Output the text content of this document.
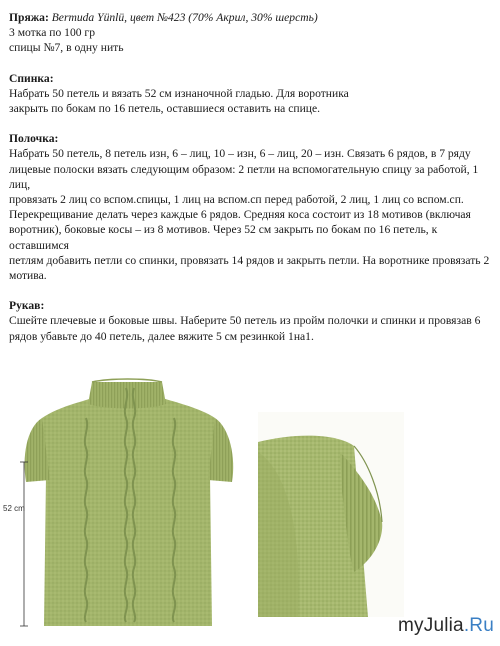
Пряжа: Bermuda Yünlü, цвет №423 (70% Акрил, 30% шерсть)

3 мотка по 100 гр

спицы №7, в одну нить

Спинка:

Набрать 50 петель и вязать 52 см изнаночной гладью. Для воротника

закрыть по бокам по 16 петель, оставшиеся оставить на спице.

Полочка:

Набрать 50 петель, 8 петель изн, 6 – лиц, 10 – изн, 6 – лиц, 20 – изн. Связать 6 рядов, в 7 ряду

лицевые полоски вязать следующим образом: 2 петли на вспомогательную спицу за работой, 1 лиц,

провязать 2 лиц со вспом.спицы, 1 лиц на вспом.сп перед работой, 2 лиц, 1 лиц со вспом.сп.

Перекрещивание делать через каждые 6 рядов. Средняя коса состоит из 18 мотивов (включая

воротник), боковые косы – из 8 мотивов. Через 52 см закрыть по бокам по 16 петель, к оставшимся

петлям добавить петли со спинки, провязать 14 рядов и закрыть петли. На воротнике провязать 2

мотива.

Рукав:

Сшейте плечевые и боковые швы. Наберите 50 петель из пройм полочки и спинки и провязав 6

рядов убавьте до 40 петель, далее вяжите 5 см резинкой 1на1.

52 cm
myJulia.Ru
